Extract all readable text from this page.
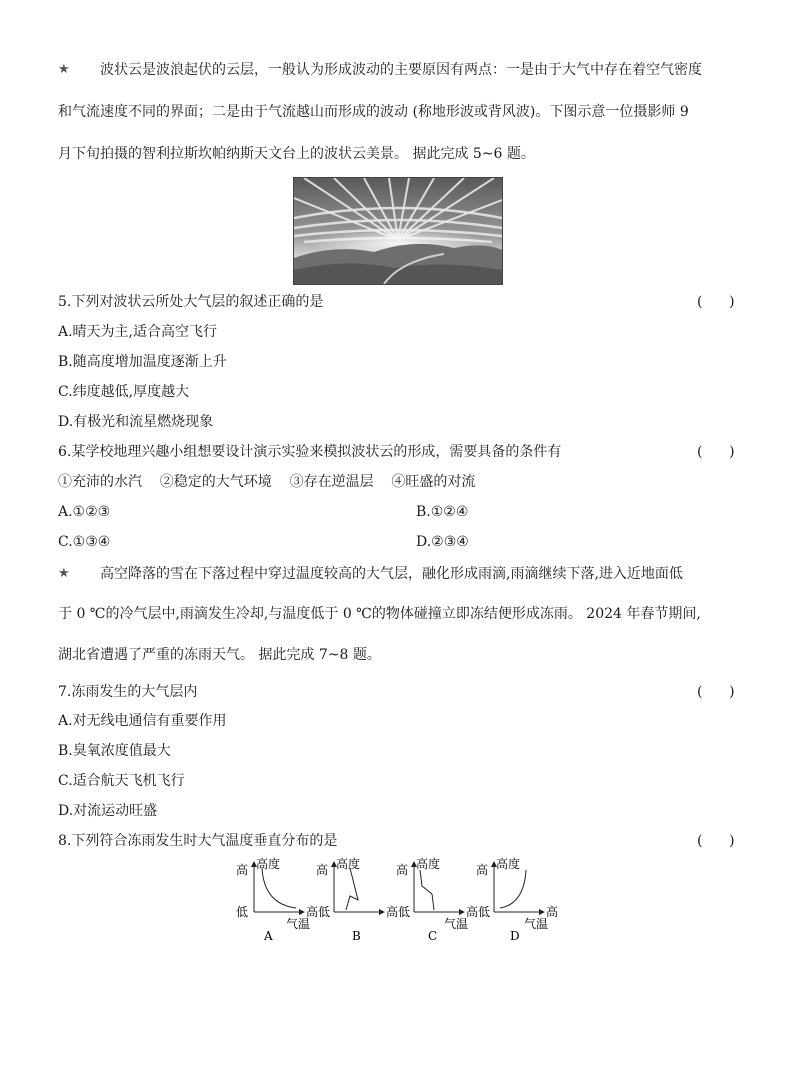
★ 波状云是波浪起伏的云层，一般认为形成波动的主要原因有两点：一是由于大气中存在着空气密度
和气流速度不同的界面；二是由于气流越山而形成的波动 (称地形波或背风波)。下图示意一位摄影师 9
月下旬拍摄的智利拉斯坎帕纳斯天文台上的波状云美景。 据此完成 5~6 题。
5.下列对波状云所处大气层的叙述正确的是	(      )
A.晴天为主,适合高空飞行
B.随高度增加温度逐渐上升
C.纬度越低,厚度越大
D.有极光和流星燃烧现象
6.某学校地理兴趣小组想要设计演示实验来模拟波状云的形成，需要具备的条件有	(      )
①充沛的水汽    ②稳定的大气环境    ③存在逆温层    ④旺盛的对流
A.①②③	B.①②④
C.①③④	D.②③④
★ 高空降落的雪在下落过程中穿过温度较高的大气层，融化形成雨滴,雨滴继续下落,进入近地面低
于 0 ℃的冷气层中,雨滴发生冷却,与温度低于 0 ℃的物体碰撞立即冻结便形成冻雨。 2024 年春节期间,
湖北省遭遇了严重的冻雨天气。 据此完成 7~8 题。
7.冻雨发生的大气层内	(      )
A.对无线电通信有重要作用
B.臭氧浓度值最大
C.适合航天飞机飞行
D.对流运动旺盛
8.下列符合冻雨发生时大气温度垂直分布的是	(      )
高 高度
低
气温
A
高
高 高度
低
B
高
高 高度
低
气温
C
高
高 高度
低	高
气温
D
